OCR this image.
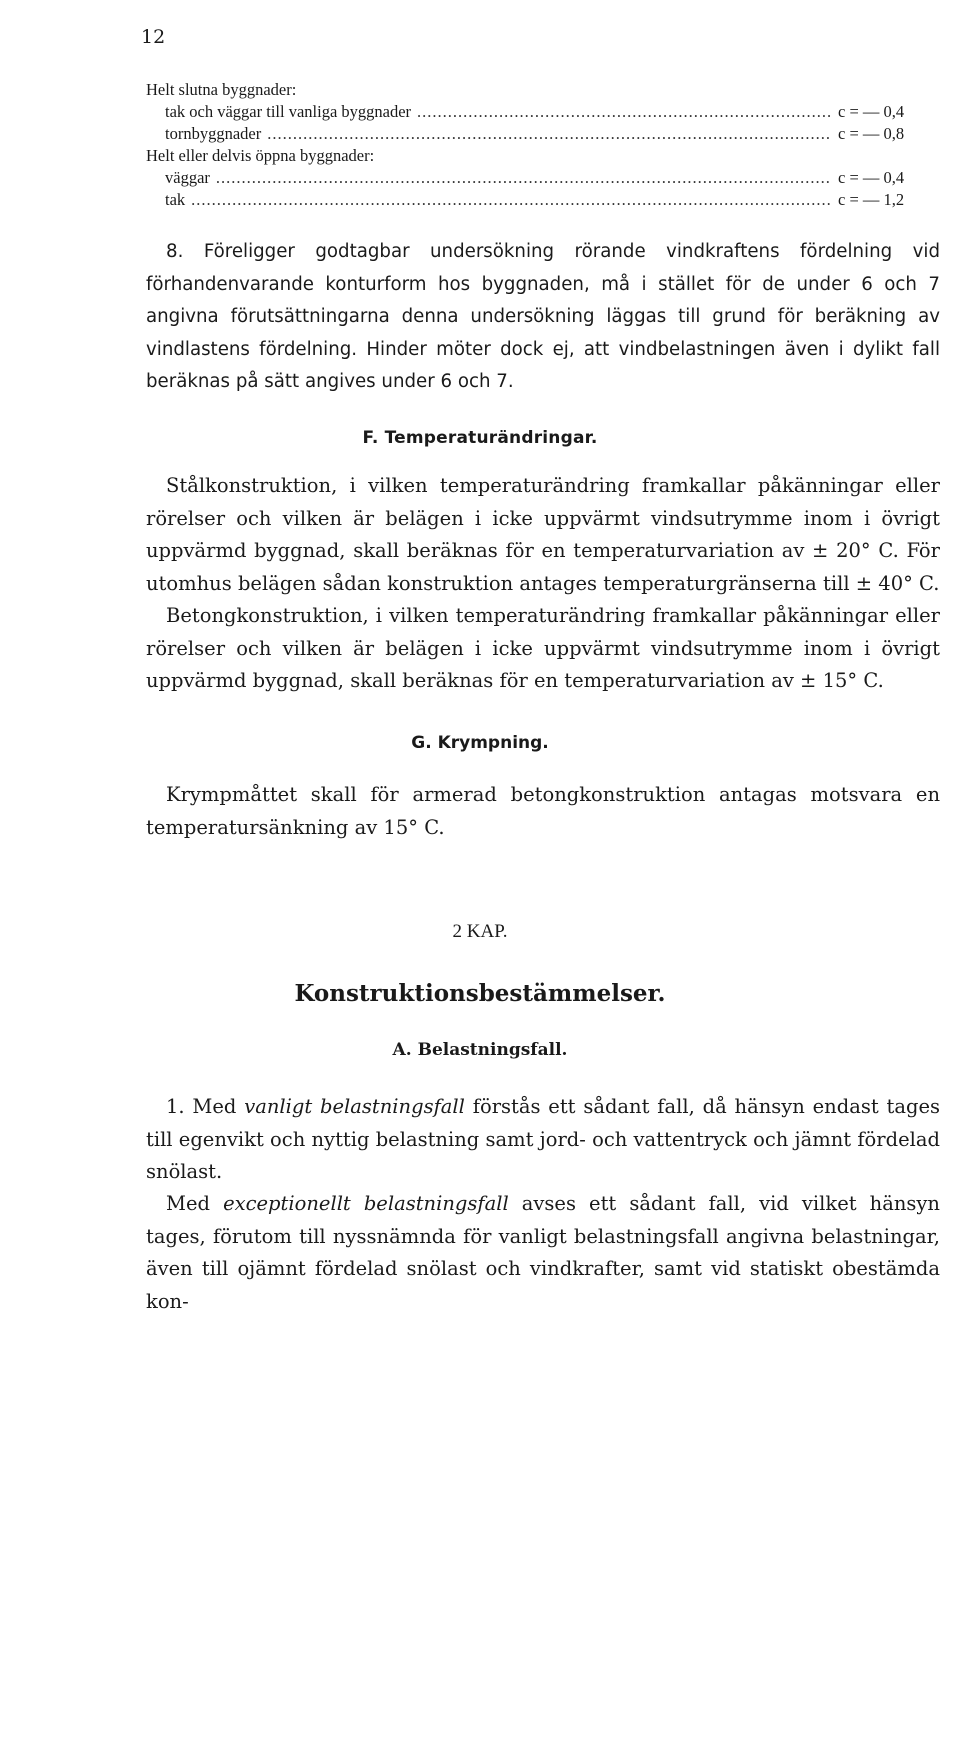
12
Helt slutna byggnader:
tak och väggar till vanliga byggnader .....	c = — 0,4
tornbyggnader .....	c = — 0,8
Helt eller delvis öppna byggnader:
väggar .....	c = — 0,4
tak .....	c = — 1,2

8. Föreligger godtagbar undersökning rörande vindkraftens fördelning vid förhandenvarande konturform hos byggnaden, må i stället för de under 6 och 7 angivna förutsättningarna denna undersökning läggas till grund för beräkning av vindlastens fördelning. Hinder möter dock ej, att vindbelastningen även i dylikt fall beräknas på sätt angives under 6 och 7.

F. Temperaturändringar.

Stålkonstruktion, i vilken temperaturändring framkallar påkänningar eller rörelser och vilken är belägen i icke uppvärmt vindsutrymme inom i övrigt uppvärmd byggnad, skall beräknas för en temperaturvariation av ± 20° C. För utomhus belägen sådan konstruktion antages temperaturgränserna till ± 40° C.

Betongkonstruktion, i vilken temperaturändring framkallar påkänningar eller rörelser och vilken är belägen i icke uppvärmt vindsutrymme inom i övrigt uppvärmd byggnad, skall beräknas för en temperaturvariation av ± 15° C.

G. Krympning.

Krympmåttet skall för armerad betongkonstruktion antagas motsvara en temperatursänkning av 15° C.

2 KAP.
Konstruktionsbestämmelser.
A. Belastningsfall.

1. Med vanligt belastningsfall förstås ett sådant fall, då hänsyn endast tages till egenvikt och nyttig belastning samt jord- och vattentryck och jämnt fördelad snölast.

Med exceptionellt belastningsfall avses ett sådant fall, vid vilket hänsyn tages, förutom till nyssnämnda för vanligt belastningsfall angivna belastningar, även till ojämnt fördelad snölast och vindkrafter, samt vid statiskt obestämda kon-
